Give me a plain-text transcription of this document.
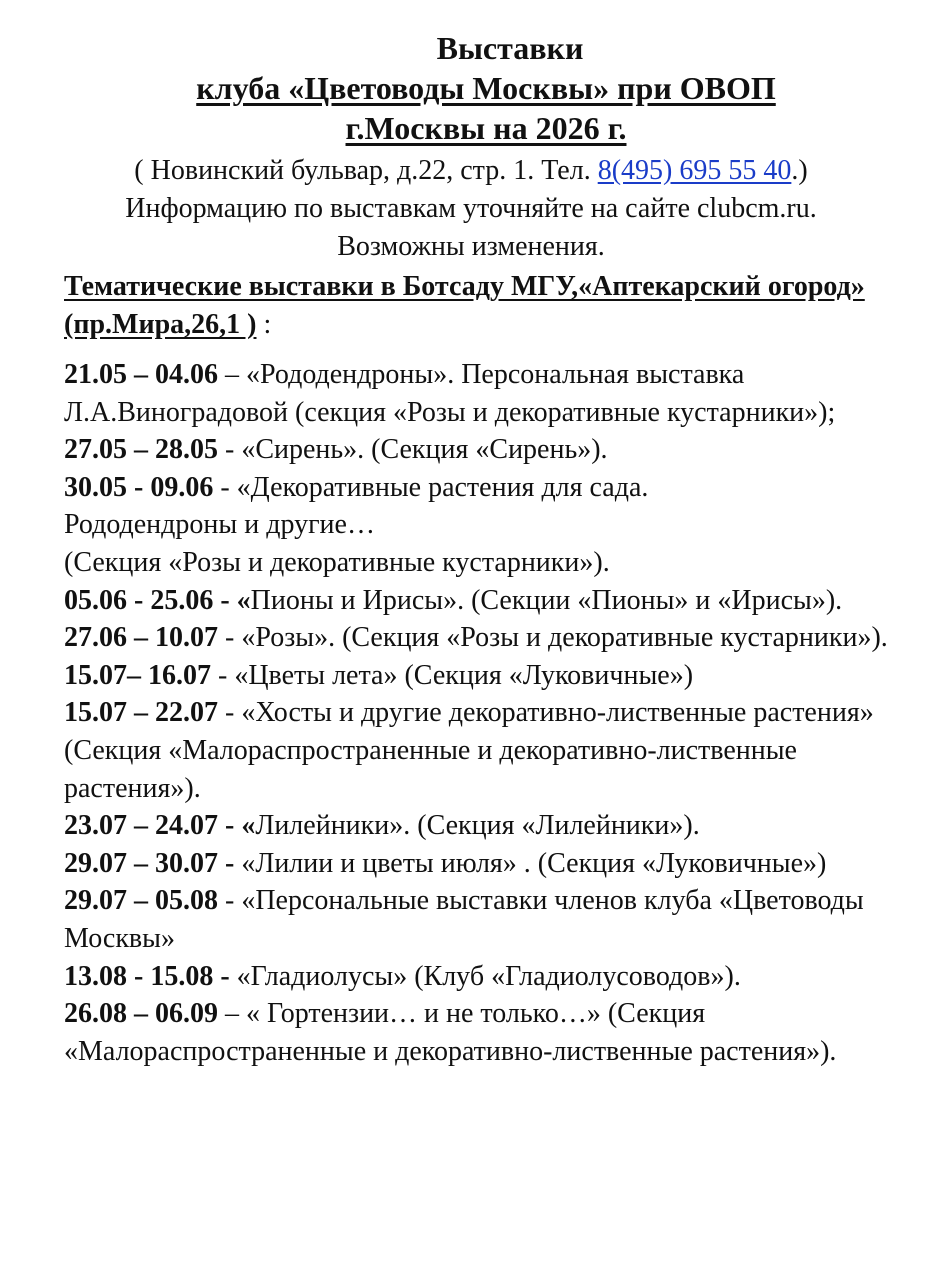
Выставки

клуба «Цветоводы Москвы» при ОВОП

г.Москвы на 2026 г.

( Новинский бульвар, д.22, стр. 1. Тел. 8(495) 695 55 40.)

Информацию по выставкам уточняйте на сайте clubcm.ru.

Возможны изменения.

Тематические выставки в Ботсаду МГУ,«Аптекарский огород» (пр.Мира,26,1 ) :

21.05 – 04.06 – «Рододендроны». Персональная выставка Л.А.Виноградовой (секция «Розы и декоративные кустарники»);

27.05 – 28.05 - «Сирень». (Секция «Сирень»).

30.05 - 09.06 - «Декоративные растения для сада.
Рододендроны и другие…
(Секция «Розы и декоративные кустарники»).

05.06 - 25.06 - «Пионы и Ирисы». (Секции «Пионы» и «Ирисы»).

27.06 – 10.07 - «Розы». (Секция «Розы и декоративные кустарники»).

15.07– 16.07 - «Цветы лета» (Секция «Луковичные»)

15.07 – 22.07 - «Хосты и другие декоративно-лиственные растения» (Секция «Малораспространенные и декоративно-лиственные растения»).

23.07 – 24.07 - «Лилейники». (Секция «Лилейники»).

29.07 – 30.07 - «Лилии и цветы июля» . (Секция «Луковичные»)

29.07 – 05.08 - «Персональные выставки членов клуба «Цветоводы Москвы»

13.08 - 15.08 - «Гладиолусы» (Клуб «Гладиолусоводов»).

26.08 – 06.09 – « Гортензии… и не только…» (Секция «Малораспространенные и декоративно-лиственные растения»).
